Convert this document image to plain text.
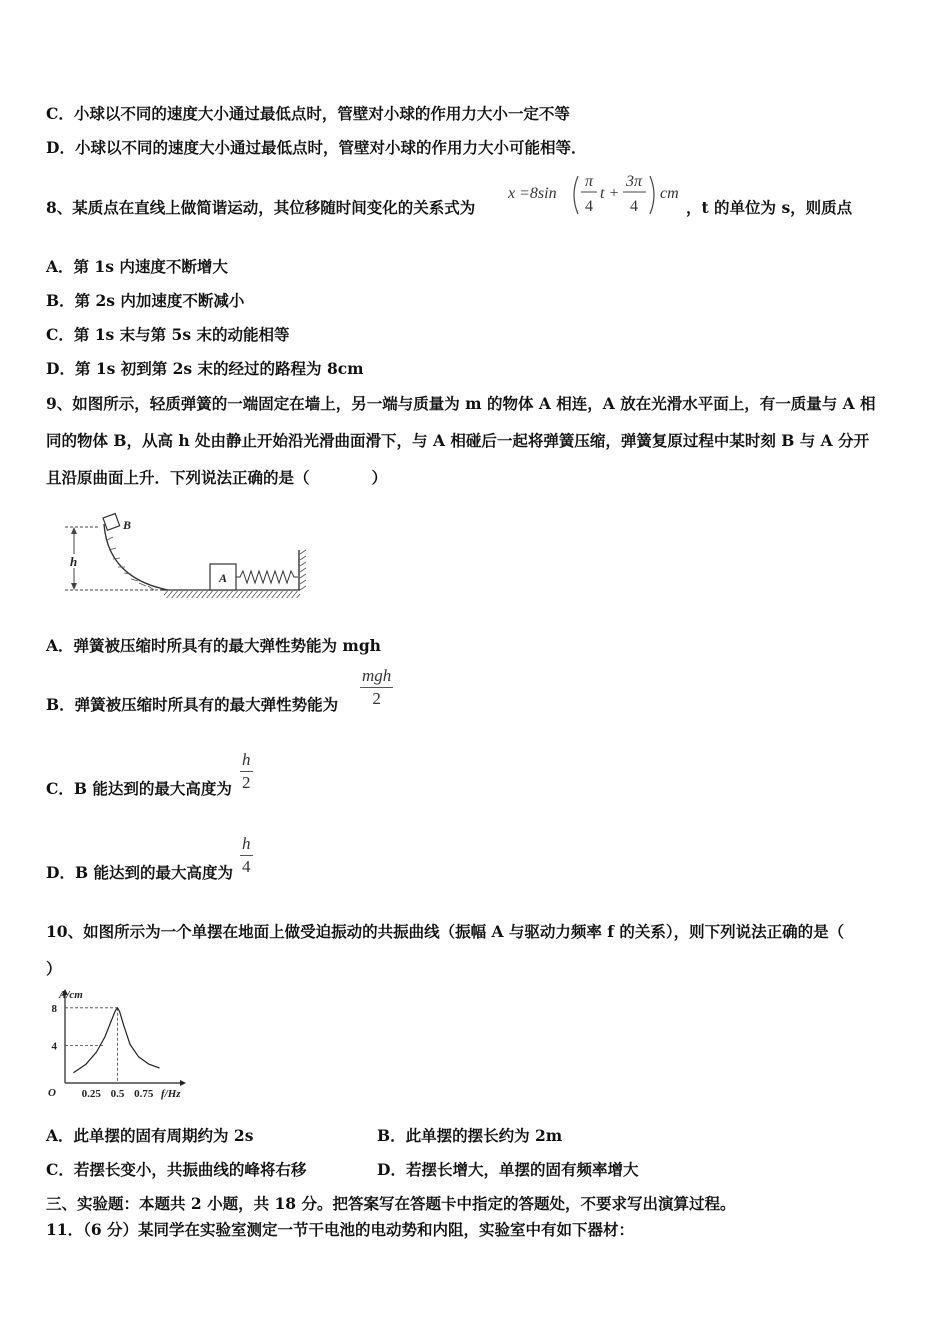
C．小球以不同的速度大小通过最低点时，管壁对小球的作用力大小一定不等
D．小球以不同的速度大小通过最低点时，管壁对小球的作用力大小可能相等．
8、某质点在直线上做简谐运动，其位移随时间变化的关系式为
x =8sin
π
4
t +
3π
4
cm
，t 的单位为 s，则质点
A．第 1s 内速度不断增大
B．第 2s 内加速度不断减小
C．第 1s 末与第 5s 末的动能相等
D．第 1s 初到第 2s 末的经过的路程为 8cm
9、如图所示，轻质弹簧的一端固定在墙上，另一端与质量为 m 的物体 A 相连，A 放在光滑水平面上，有一质量与 A 相
同的物体 B，从高 h 处由静止开始沿光滑曲面滑下，与 A 相碰后一起将弹簧压缩，弹簧复原过程中某时刻 B 与 A 分开
且沿原曲面上升．下列说法正确的是（　　　　）
h
B
A
A．弹簧被压缩时所具有的最大弹性势能为 mgh
B．弹簧被压缩时所具有的最大弹性势能为
mgh
2
C．B 能达到的最大高度为 $\frac{h}{2}$
D．B 能达到的最大高度为 $\frac{h}{4}$
10、如图所示为一个单摆在地面上做受迫振动的共振曲线（振幅 A 与驱动力频率 f 的关系），则下列说法正确的是（
）
A/cm
f/Hz
O
4
8
0.25 0.5 0.75
A．此单摆的固有周期约为 2s	B．此单摆的摆长约为 2m
C．若摆长变小，共振曲线的峰将右移	D．若摆长增大，单摆的固有频率增大
三、实验题：本题共 2 小题，共 18 分。把答案写在答题卡中指定的答题处，不要求写出演算过程。
11．（6 分）某同学在实验室测定一节干电池的电动势和内阻，实验室中有如下器材：
